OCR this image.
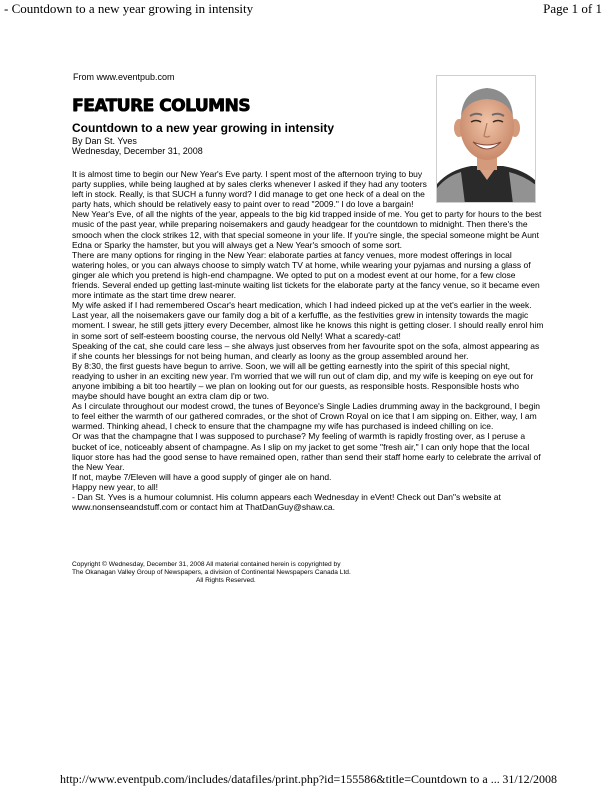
- Countdown to a new year growing in intensity	Page 1 of 1
From www.eventpub.com
FEATURE COLUMNS
Countdown to a new year growing in intensity
By Dan St. Yves
Wednesday, December 31, 2008

It is almost time to begin our New Year's Eve party. I spent most of the afternoon trying to buy party supplies, while being laughed at by sales clerks whenever I asked if they had any tooters left in stock. Really, is that SUCH a funny word? I did manage to get one heck of a deal on the party hats, which should be relatively easy to paint over to read "2009." I do love a bargain!

New Year's Eve, of all the nights of the year, appeals to the big kid trapped inside of me. You get to party for hours to the best music of the past year, while preparing noisemakers and gaudy headgear for the countdown to midnight. Then there's the smooch when the clock strikes 12, with that special someone in your life. If you're single, the special someone might be Aunt Edna or Sparky the hamster, but you will always get a New Year's smooch of some sort.

There are many options for ringing in the New Year: elaborate parties at fancy venues, more modest offerings in local watering holes, or you can always choose to simply watch TV at home, while wearing your pyjamas and nursing a glass of ginger ale which you pretend is high-end champagne. We opted to put on a modest event at our home, for a few close friends. Several ended up getting last-minute waiting list tickets for the elaborate party at the fancy venue, so it became even more intimate as the start time drew nearer.

My wife asked if I had remembered Oscar's heart medication, which I had indeed picked up at the vet's earlier in the week. Last year, all the noisemakers gave our family dog a bit of a kerfuffle, as the festivities grew in intensity towards the magic moment. I swear, he still gets jittery every December, almost like he knows this night is getting closer. I should really enrol him in some sort of self-esteem boosting course, the nervous old Nelly! What a scaredy-cat!

Speaking of the cat, she could care less – she always just observes from her favourite spot on the sofa, almost appearing as if she counts her blessings for not being human, and clearly as loony as the group assembled around her.

By 8:30, the first guests have begun to arrive. Soon, we will all be getting earnestly into the spirit of this special night, readying to usher in an exciting new year. I'm worried that we will run out of clam dip, and my wife is keeping on eye out for anyone imbibing a bit too heartily – we plan on looking out for our guests, as responsible hosts. Responsible hosts who maybe should have bought an extra clam dip or two.

As I circulate throughout our modest crowd, the tunes of Beyonce's Single Ladies drumming away in the background, I begin to feel either the warmth of our gathered comrades, or the shot of Crown Royal on ice that I am sipping on. Either, way, I am warmed. Thinking ahead, I check to ensure that the champagne my wife has purchased is indeed chilling on ice.

Or was that the champagne that I was supposed to purchase? My feeling of warmth is rapidly frosting over, as I peruse a bucket of ice, noticeably absent of champagne. As I slip on my jacket to get some "fresh air," I can only hope that the local liquor store has had the good sense to have remained open, rather than send their staff home early to celebrate the arrival of the New Year.

If not, maybe 7/Eleven will have a good supply of ginger ale on hand.

Happy new year, to all!

- Dan St. Yves is a humour columnist. His column appears each Wednesday in eVent! Check out Dan"s website at www.nonsenseandstuff.com or contact him at ThatDanGuy@shaw.ca.

Copyright © Wednesday, December 31, 2008 All material contained herein is copyrighted by
The Okanagan Valley Group of Newspapers, a division of Continental Newspapers Canada Ltd.
All Rights Reserved.
http://www.eventpub.com/includes/datafiles/print.php?id=155586&title=Countdown to a ... 31/12/2008
